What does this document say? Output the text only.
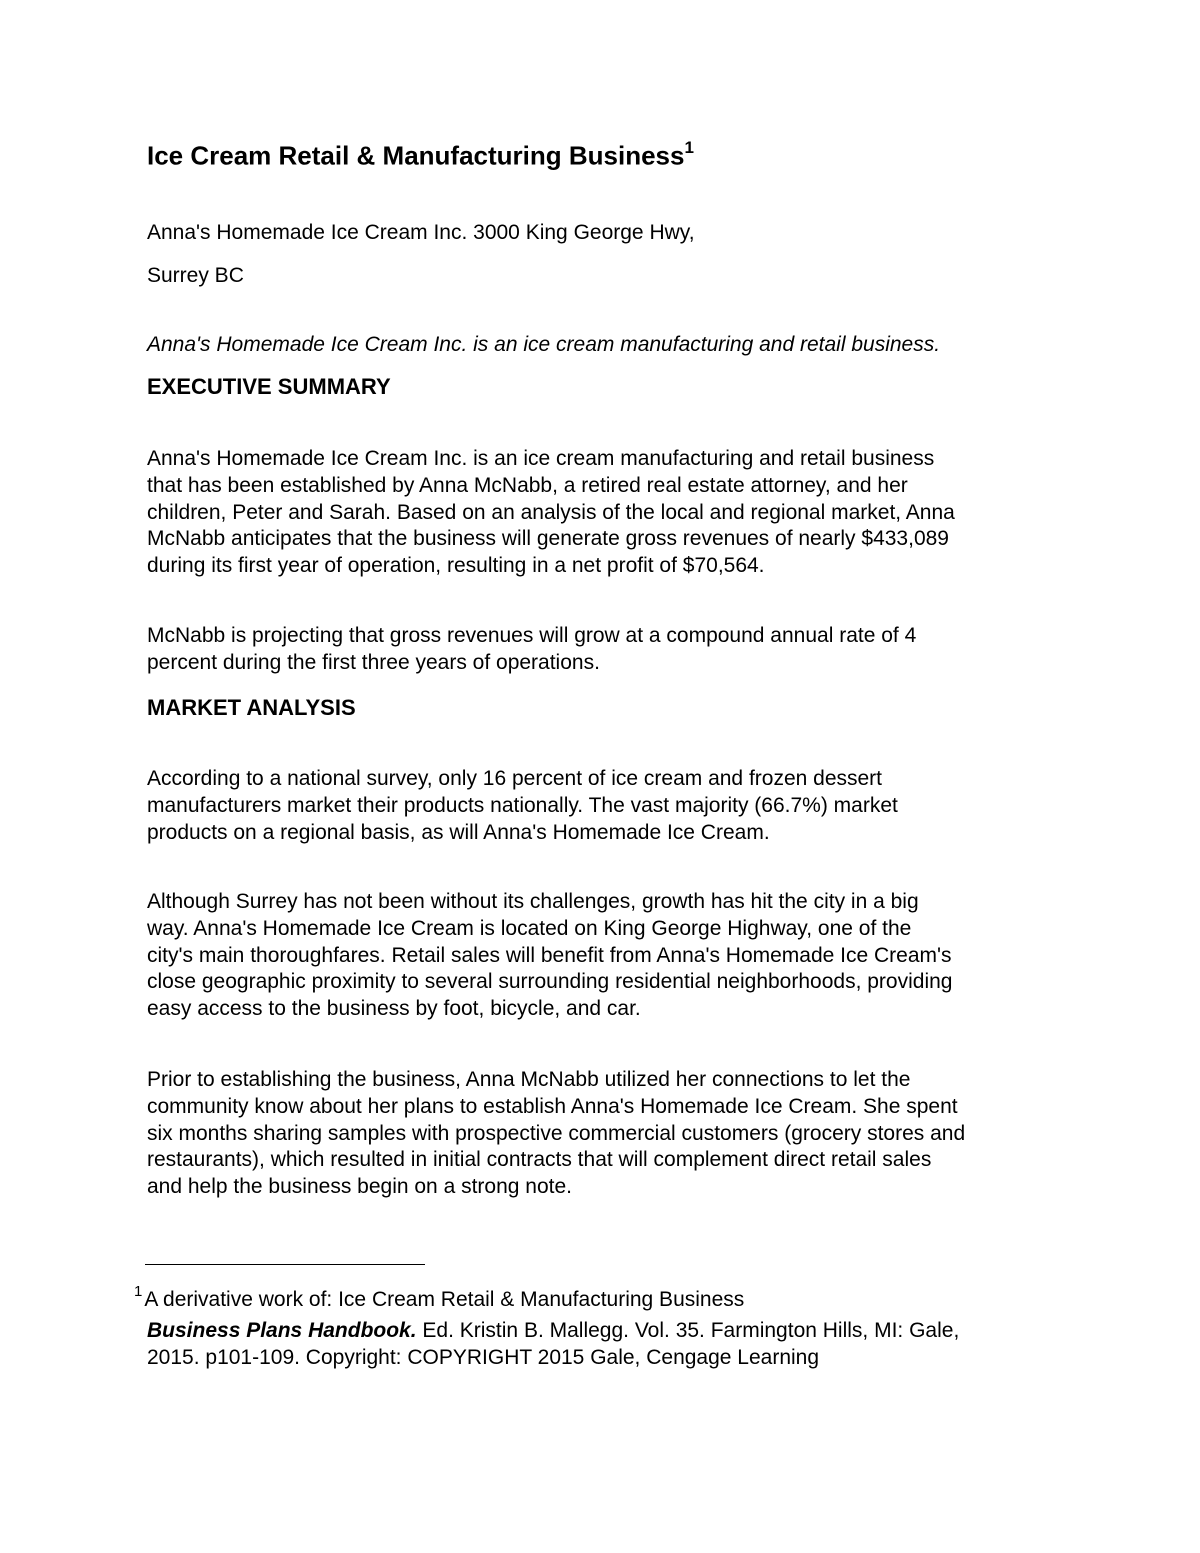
Ice Cream Retail & Manufacturing Business$^1$

Anna's Homemade Ice Cream Inc. 3000 King George Hwy,

Surrey BC

Anna's Homemade Ice Cream Inc. is an ice cream manufacturing and retail business.

EXECUTIVE SUMMARY

Anna's Homemade Ice Cream Inc. is an ice cream manufacturing and retail business
that has been established by Anna McNabb, a retired real estate attorney, and her
children, Peter and Sarah. Based on an analysis of the local and regional market, Anna
McNabb anticipates that the business will generate gross revenues of nearly $433,089
during its first year of operation, resulting in a net profit of $70,564.

McNabb is projecting that gross revenues will grow at a compound annual rate of 4
percent during the first three years of operations.

MARKET ANALYSIS

According to a national survey, only 16 percent of ice cream and frozen dessert
manufacturers market their products nationally. The vast majority (66.7%) market
products on a regional basis, as will Anna's Homemade Ice Cream.

Although Surrey has not been without its challenges, growth has hit the city in a big
way. Anna's Homemade Ice Cream is located on King George Highway, one of the
city's main thoroughfares. Retail sales will benefit from Anna's Homemade Ice Cream's
close geographic proximity to several surrounding residential neighborhoods, providing
easy access to the business by foot, bicycle, and car.

Prior to establishing the business, Anna McNabb utilized her connections to let the
community know about her plans to establish Anna's Homemade Ice Cream. She spent
six months sharing samples with prospective commercial customers (grocery stores and
restaurants), which resulted in initial contracts that will complement direct retail sales
and help the business begin on a strong note.

$^1$A derivative work of: Ice Cream Retail & Manufacturing Business
Business Plans Handbook. Ed. Kristin B. Mallegg. Vol. 35. Farmington Hills, MI: Gale,
2015. p101-109. Copyright: COPYRIGHT 2015 Gale, Cengage Learning
